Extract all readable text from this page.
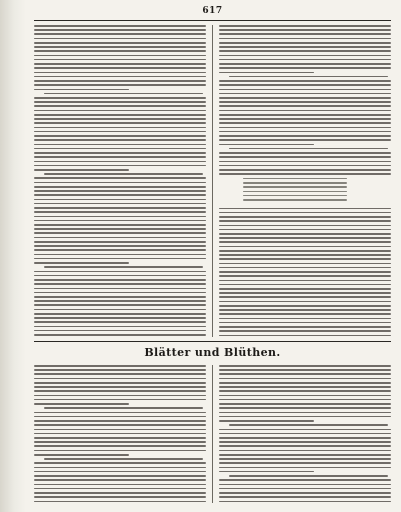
617
Blätter und Blüthen.
